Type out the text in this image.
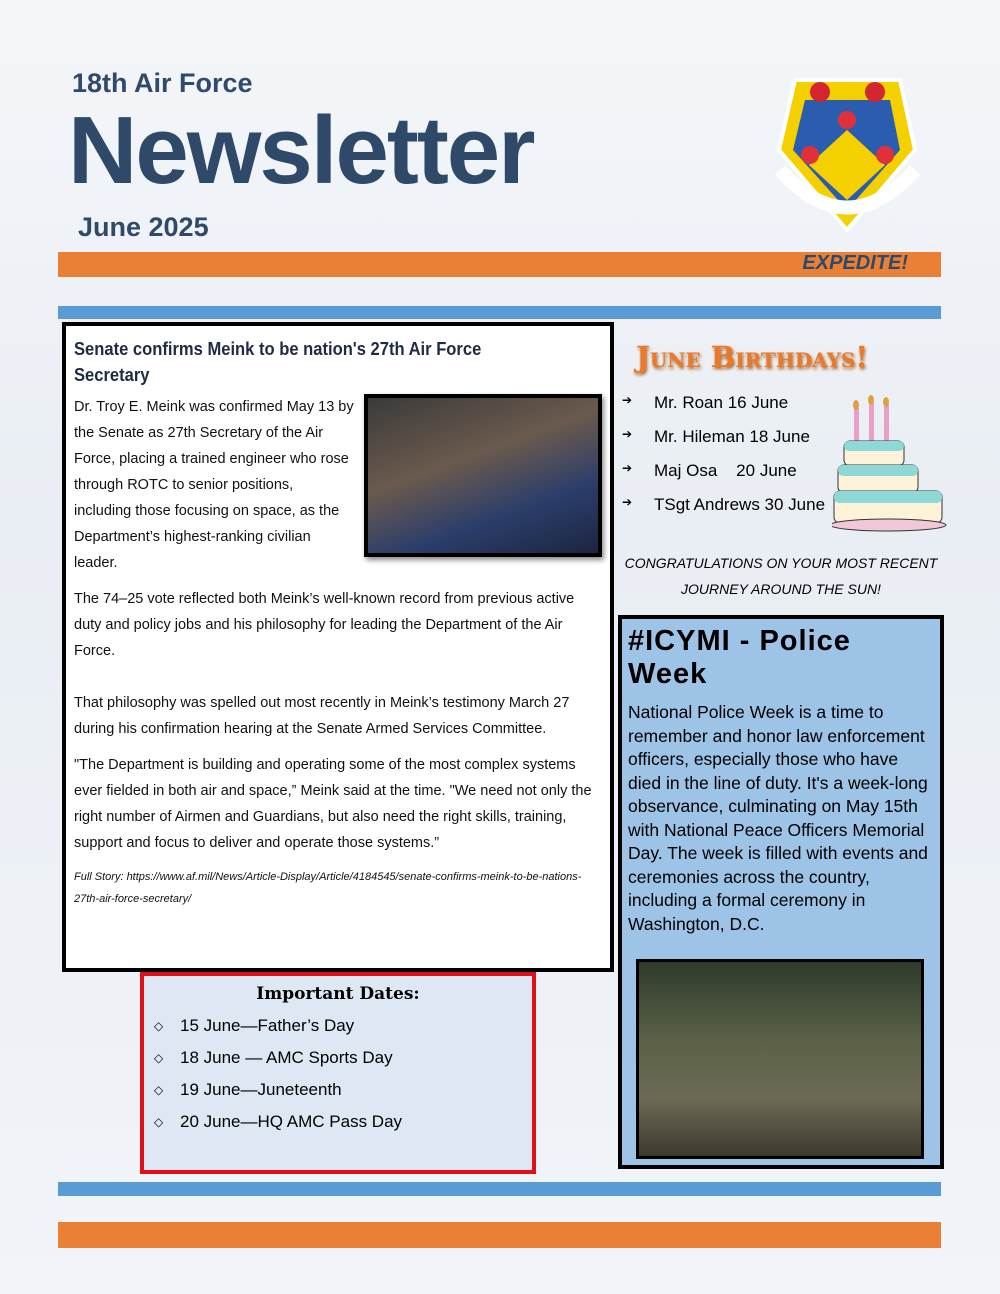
18th Air Force
Newsletter
June 2025
EXPEDITE!
Senate confirms Meink to be nation's 27th Air Force Secretary

Dr. Troy E. Meink was confirmed May 13 by the Senate as 27th Secretary of the Air Force, placing a trained engineer who rose through ROTC to senior positions, including those focusing on space, as the Department’s highest-ranking civilian leader.

The 74–25 vote reflected both Meink’s well-known record from previous active duty and policy jobs and his philosophy for leading the Department of the Air Force.

That philosophy was spelled out most recently in Meink’s testimony March 27 during his confirmation hearing at the Senate Armed Services Committee.

"The Department is building and operating some of the most complex systems ever fielded in both air and space,” Meink said at the time. "We need not only the right number of Airmen and Guardians, but also need the right skills, training, support and focus to deliver and operate those systems.”

Full Story: https://www.af.mil/News/Article-Display/Article/4184545/senate-confirms-meink-to-be-nations-27th-air-force-secretary/

Important Dates:
◇ 15 June—Father’s Day
◇ 18 June — AMC Sports Day
◇ 19 June—Juneteenth
◇ 20 June—HQ AMC Pass Day
June Birthdays!
➔	Mr. Roan 16 June
➔	Mr. Hileman 18 June
➔	Maj Osa    20 June
➔	TSgt Andrews 30 June
CONGRATULATIONS ON YOUR MOST RECENT JOURNEY AROUND THE SUN!
#ICYMI - Police Week

National Police Week is a time to remember and honor law enforcement officers, especially those who have died in the line of duty. It's a week-long observance, culminating on May 15th with National Peace Officers Memorial Day. The week is filled with events and ceremonies across the country, including a formal ceremony in Washington, D.C.
